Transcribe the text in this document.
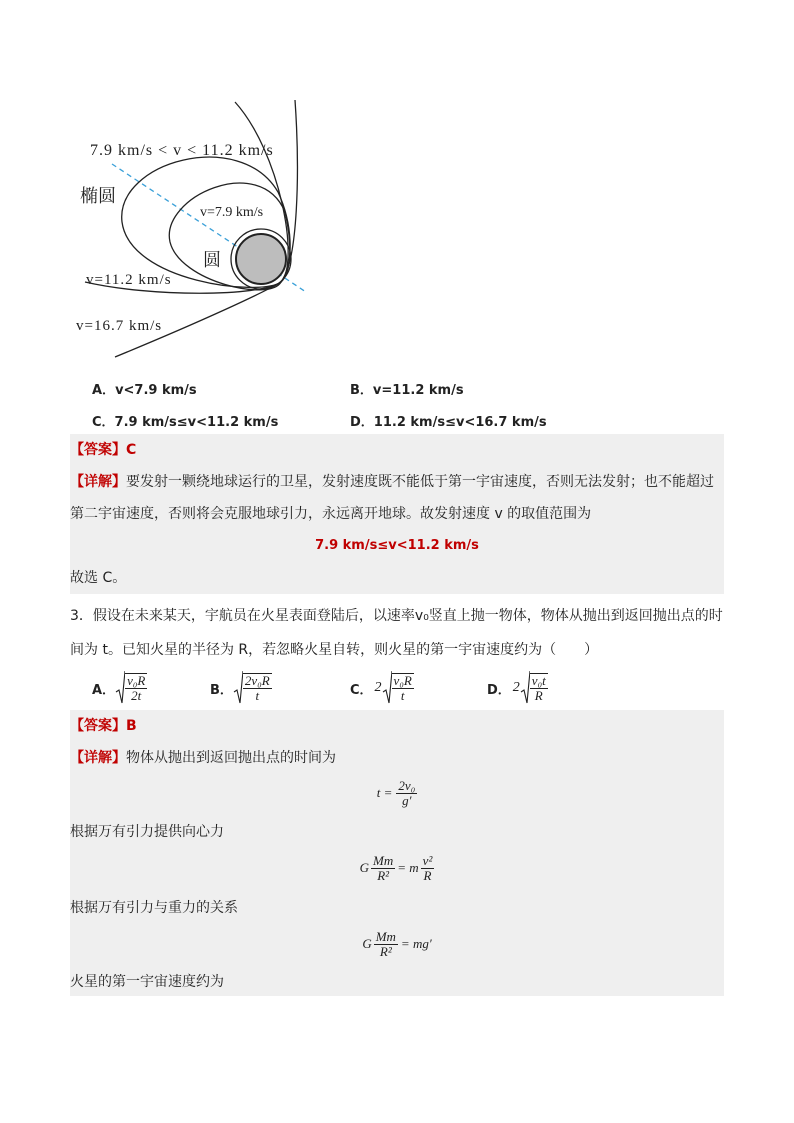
7.9 km/s < v < 11.2 km/s
椭圆
v=7.9 km/s
圆
v=11.2 km/s
v=16.7 km/s
A．v<7.9 km/s	B．v=11.2 km/s
C．7.9 km/s≤v<11.2 km/s	D．11.2 km/s≤v<16.7 km/s
【答案】C
【详解】要发射一颗绕地球运行的卫星，发射速度既不能低于第一宇宙速度，否则无法发射；也不能超过
第二宇宙速度，否则将会克服地球引力，永远离开地球。故发射速度 v 的取值范围为
7.9 km/s≤v<11.2 km/s
故选 C。
3．假设在未来某天，宇航员在火星表面登陆后，以速率v₀竖直上抛一物体，物体从抛出到返回抛出点的时
间为 t。已知火星的半径为 R，若忽略火星自转，则火星的第一宇宙速度约为（　　）
A． $\frac{\text{v₀R}}{2t}$	B． $\frac{\text{2v₀R}}{t}$	C． $2 \frac{\text{v₀R}}{t}$	D． $2 \frac{\text{v₀t}}{R}$
【答案】B
【详解】物体从抛出到返回抛出点的时间为
$t = \frac{\text{2v₀}}{g'}$
根据万有引力提供向心力
G $\frac{Mm}{\text{R²}} = m \frac{\text{v²}}{R}$
根据万有引力与重力的关系
G $\frac{Mm}{\text{R²}} = mg'$
火星的第一宇宙速度约为
